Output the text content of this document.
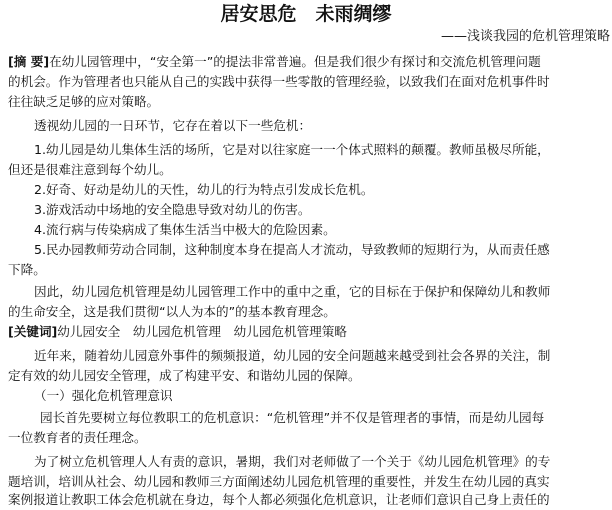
居安思危　未雨绸缪
——浅谈我园的危机管理策略
[摘 要]在幼儿园管理中，“安全第一”的提法非常普遍。但是我们很少有探讨和交流危机管理问题
的机会。作为管理者也只能从自己的实践中获得一些零散的管理经验，以致我们在面对危机事件时
往往缺乏足够的应对策略。
透视幼儿园的一日环节，它存在着以下一些危机：
1.幼儿园是幼儿集体生活的场所，它是对以往家庭一一个体式照料的颠覆。教师虽极尽所能，
但还是很难注意到每个幼儿。
2.好奇、好动是幼儿的天性，幼儿的行为特点引发成长危机。
3.游戏活动中场地的安全隐患导致对幼儿的伤害。
4.流行病与传染病成了集体生活当中极大的危险因素。
5.民办园教师劳动合同制，这种制度本身在提高人才流动，导致教师的短期行为，从而责任感
下降。
因此，幼儿园危机管理是幼儿园管理工作中的重中之重，它的目标在于保护和保障幼儿和教师
的生命安全，这是我们贯彻“以人为本的”的基本教育理念。
[关键词]幼儿园安全　幼儿园危机管理　幼儿园危机管理策略
近年来，随着幼儿园意外事件的频频报道，幼儿园的安全问题越来越受到社会各界的关注，制
定有效的幼儿园安全管理，成了构建平安、和谐幼儿园的保障。
（一）强化危机管理意识
园长首先要树立每位教职工的危机意识：“危机管理”并不仅是管理者的事情，而是幼儿园每
一位教育者的责任理念。
为了树立危机管理人人有责的意识，暑期，我们对老师做了一个关于《幼儿园危机管理》的专
题培训，培训从社会、幼儿园和教师三方面阐述幼儿园危机管理的重要性，并发生在幼儿园的真实
案例报道让教职工体会危机就在身边，每个人都必须强化危机意识，让老师们意识自己身上责任的
